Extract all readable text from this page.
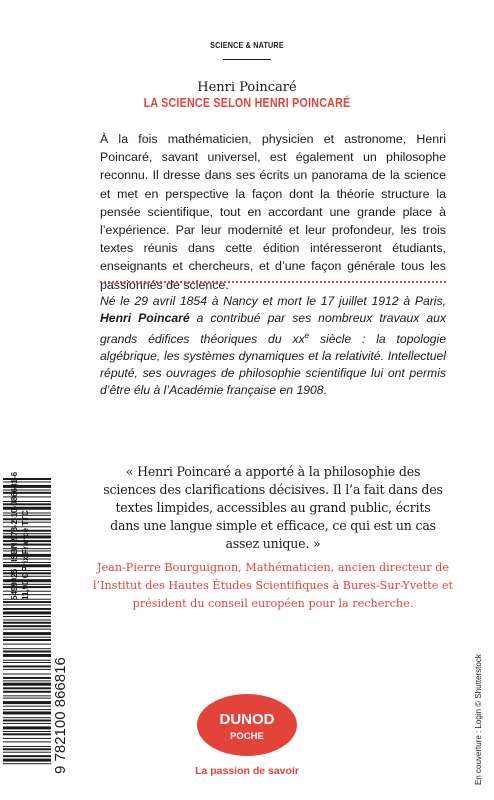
SCIENCE & NATURE
Henri Poincaré
LA SCIENCE SELON HENRI POINCARÉ
À la fois mathématicien, physicien et astronome, Henri Poincaré, savant universel, est également un philosophe reconnu. Il dresse dans ses écrits un panorama de la science et met en perspective la façon dont la théorie structure la pensée scientifique, tout en accordant une grande place à l’expérience. Par leur modernité et leur profondeur, les trois textes réunis dans cette édition intéresseront étudiants, enseignants et chercheurs, et d’une façon générale tous les passionnés de science.
Né le 29 avril 1854 à Nancy et mort le 17 juillet 1912 à Paris, Henri Poincaré a contribué par ses nombreux travaux aux grands édifices théoriques du $xx^e$ siècle : la topologie algébrique, les systèmes dynamiques et la relativité. Intellectuel réputé, ses ouvrages de philosophie scientifique lui ont permis d’être élu à l’Académie française en 1908.
« Henri Poincaré a apporté à la philosophie des sciences des clarifications décisives. Il l’a fait dans des textes limpides, accessibles au grand public, écrits dans une langue simple et efficace, ce qui est un cas assez unique. »
Jean-Pierre Bourguignon, Mathématicien, ancien directeur de l’Institut des Hautes Études Scientifiques à Bures-Sur-Yvette et président du conseil européen pour la recherche.
9 782100 866816	En couverture : Login © Shutterstock
DUNOD
POCHE
La passion de savoir
